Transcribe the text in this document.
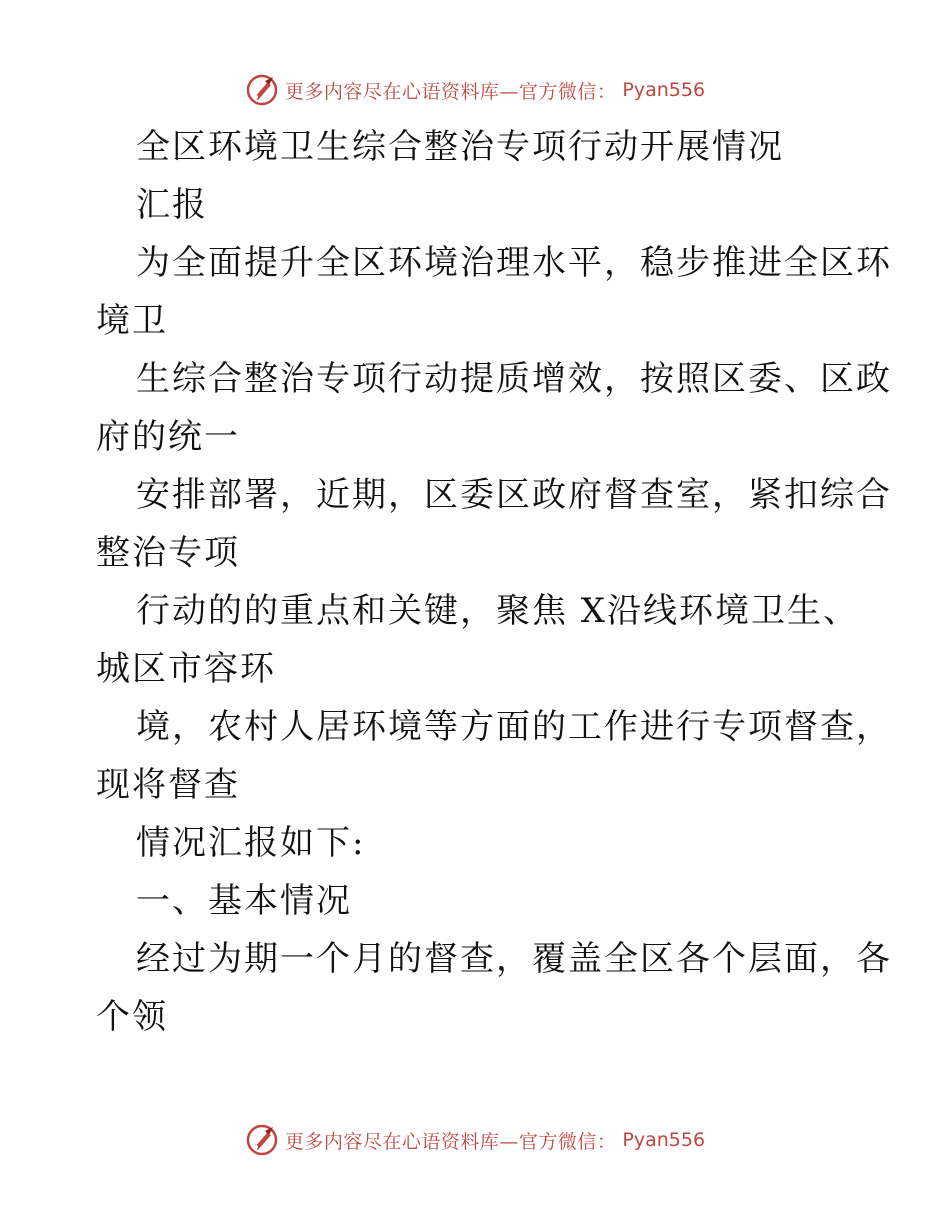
更多内容尽在心语资料库—官方微信： Pyan556
全区环境卫生综合整治专项行动开展情况
汇报
为全面提升全区环境治理水平，稳步推进全区环
境卫
生综合整治专项行动提质增效，按照区委、区政
府的统一
安排部署，近期，区委区政府督查室，紧扣综合
整治专项
行动的的重点和关键，聚焦 X沿线环境卫生、
城区市容环
境，农村人居环境等方面的工作进行专项督查，
现将督查
情况汇报如下:
一、基本情况
经过为期一个月的督查，覆盖全区各个层面，各
个领
更多内容尽在心语资料库—官方微信： Pyan556
